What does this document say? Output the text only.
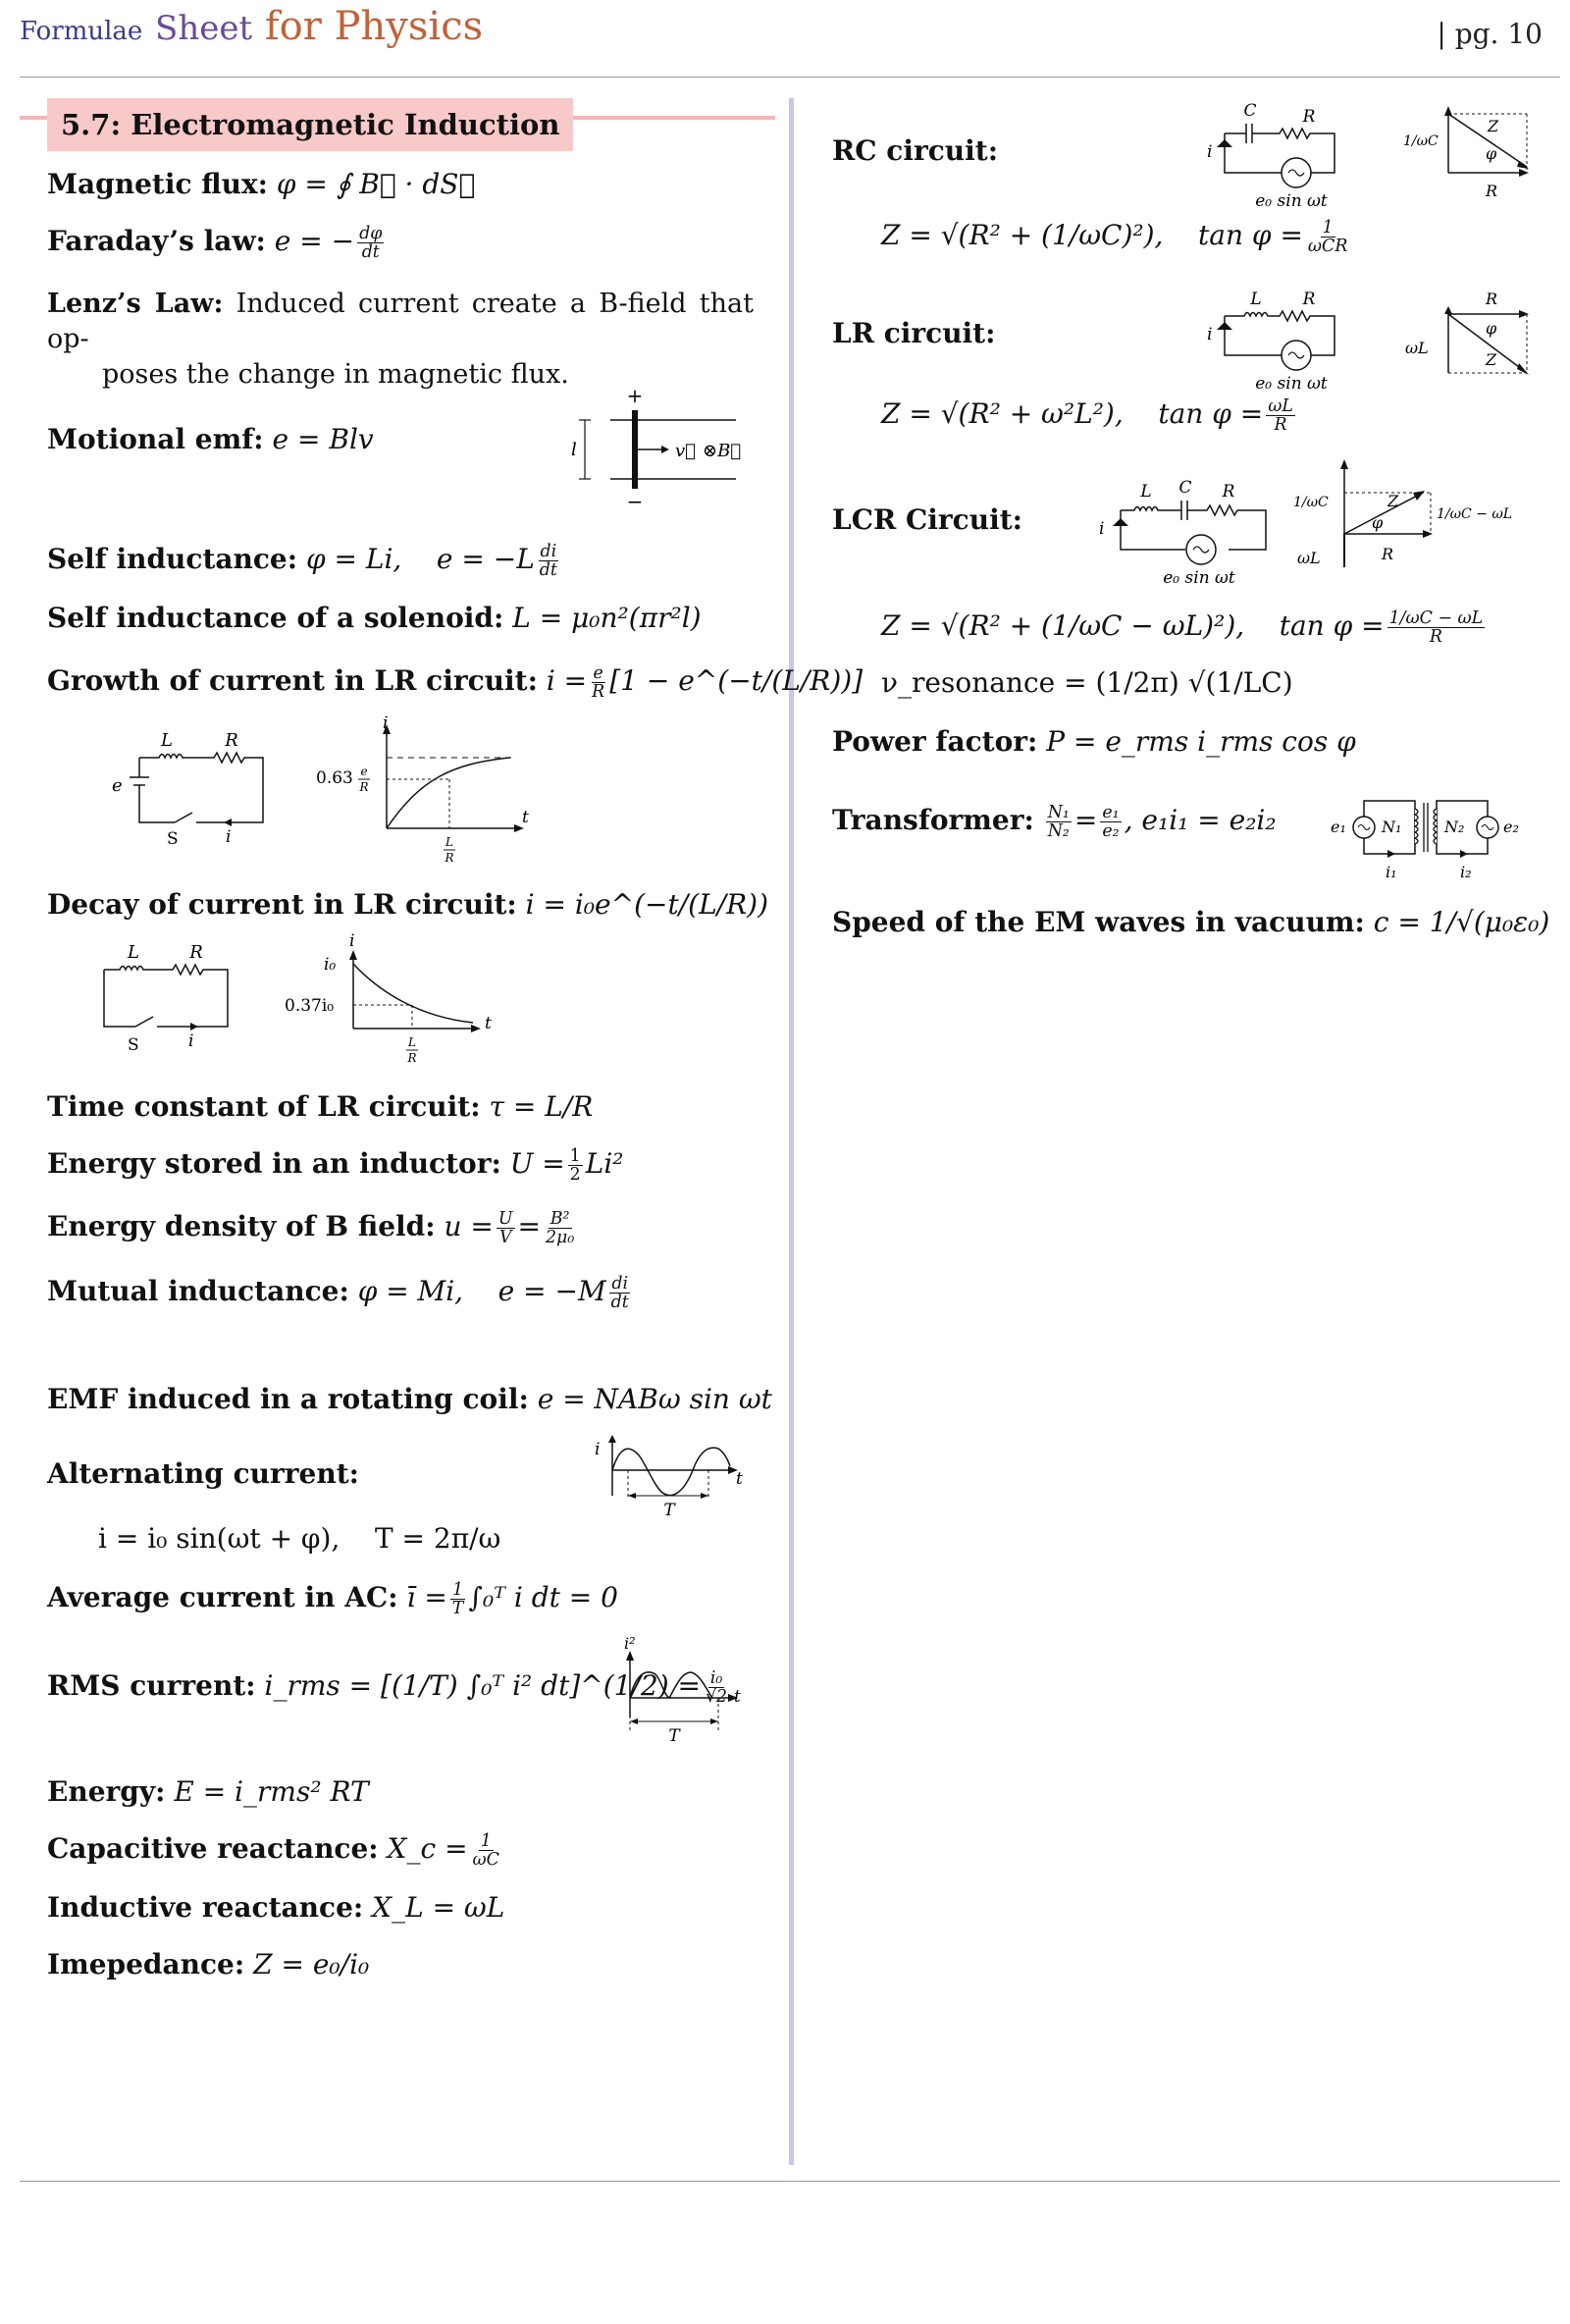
Formulae Sheet for Physics	| pg. 10
5.7: Electromagnetic Induction
Magnetic flux: φ = ∮ B⃗ · dS⃗
Faraday’s law: e = − $\frac{d\varphi}{dt}$
Lenz’s Law: Induced current create a B-field that op-
poses the change in magnetic flux.
Motional emf: e = Blv
+
−
l	v⃗ ⊗B⃗
Self inductance: φ = Li,    $e = -L \frac{di}{dt}$
Self inductance of a solenoid: L = μ₀n²(πr²l)
Growth of current in LR circuit: $i = \frac{e}{R} [1$ − e^(−t/(L/R))]
L	R
e
S	i
i
t
0.63 e
R
L
R
Decay of current in LR circuit: i = i₀e^(−t/(L/R))
L	R
S	i
i
t
i₀
0.37i₀
L
R
Time constant of LR circuit: τ = L/R
Energy stored in an inductor: $U = \frac{1}{2} Li^2$
Energy density of B field: $u = \frac{U}{V} = \frac{\text{B²}}{\text{2μ₀}}$
Mutual inductance: φ = Mi,    $e = -M \frac{di}{dt}$
EMF induced in a rotating coil: e = NABω sin ωt
Alternating current:
i = i₀ sin(ωt + φ),    T = 2π/ω
i
t
T
Average current in AC: ī = $\frac{1}{T}$ ∫₀ᵀ i dt = 0
RMS current: i_rms = [(1/T) ∫₀ᵀ i² dt]^(1/2) = $\frac{\text{i₀}}{√2}$
i²
t
T
Energy: E = i_rms² RT
Capacitive reactance: X_c = $\frac{1}{\omega C}$
Inductive reactance: X_L = ωL
Imepedance: Z = e₀/i₀
RC circuit:
C	R
i
e₀ sin ωt
Z
φ
R
1/ωC
Z = √(R² + (1/ωC)²),    $\tan \varphi = \frac{1}{\text{ωCR}}$
LR circuit:
L R
i
e₀ sin ωt
R
φ
Z
ωL
Z = √(R² + ω²L²),    $\tan \varphi = \frac{\omega L}{R}$
LCR Circuit:
L C R
i
e₀ sin ωt
Z
φ
R
1/ωC
ωL
1/ωC − ωL
Z = √(R² + (1/ωC − ωL)²),    $\tan \varphi = \frac{1/\omega C - \omega L}{R}$
ν_resonance = (1/2π) √(1/LC)
Power factor: P = e_rms i_rms cos φ
Transformer: $\frac{\text{N₁}}{\text{N₂}} = \frac{\text{e₁}}{\text{e₂}}$ , e₁i₁ = e₂i₂	e₁	e₂
N₁	N₂
i₁	i₂
Speed of the EM waves in vacuum: c = 1/√(μ₀ε₀)
